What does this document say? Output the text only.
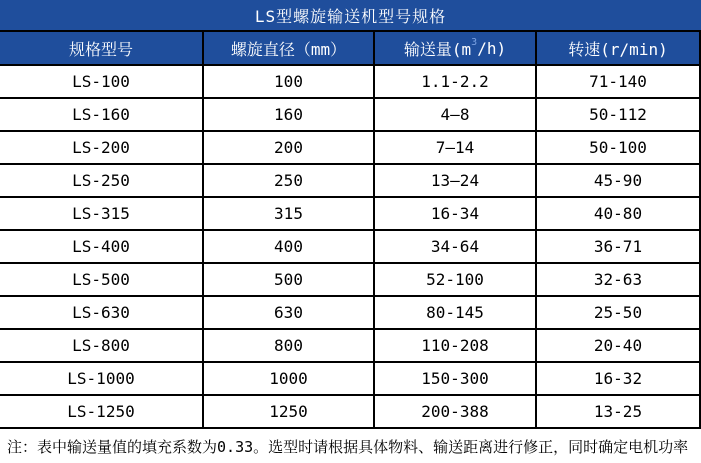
LS型螺旋输送机型号规格
规格型号	螺旋直径（mm）	输送量(m 3 /h)	转速(r/min)
LS-100	100	1.1-2.2	71-140
LS-160	160	4—8	50-112
LS-200	200	7—14	50-100
LS-250	250	13—24	45-90
LS-315	315	16-34	40-80
LS-400	400	34-64	36-71
LS-500	500	52-100	32-63
LS-630	630	80-145	25-50
LS-800	800	110-208	20-40
LS-1000	1000	150-300	16-32
LS-1250	1250	200-388	13-25
注：表中输送量值的填充系数为0.33。选型时请根据具体物料、输送距离进行修正，同时确定电机功率
